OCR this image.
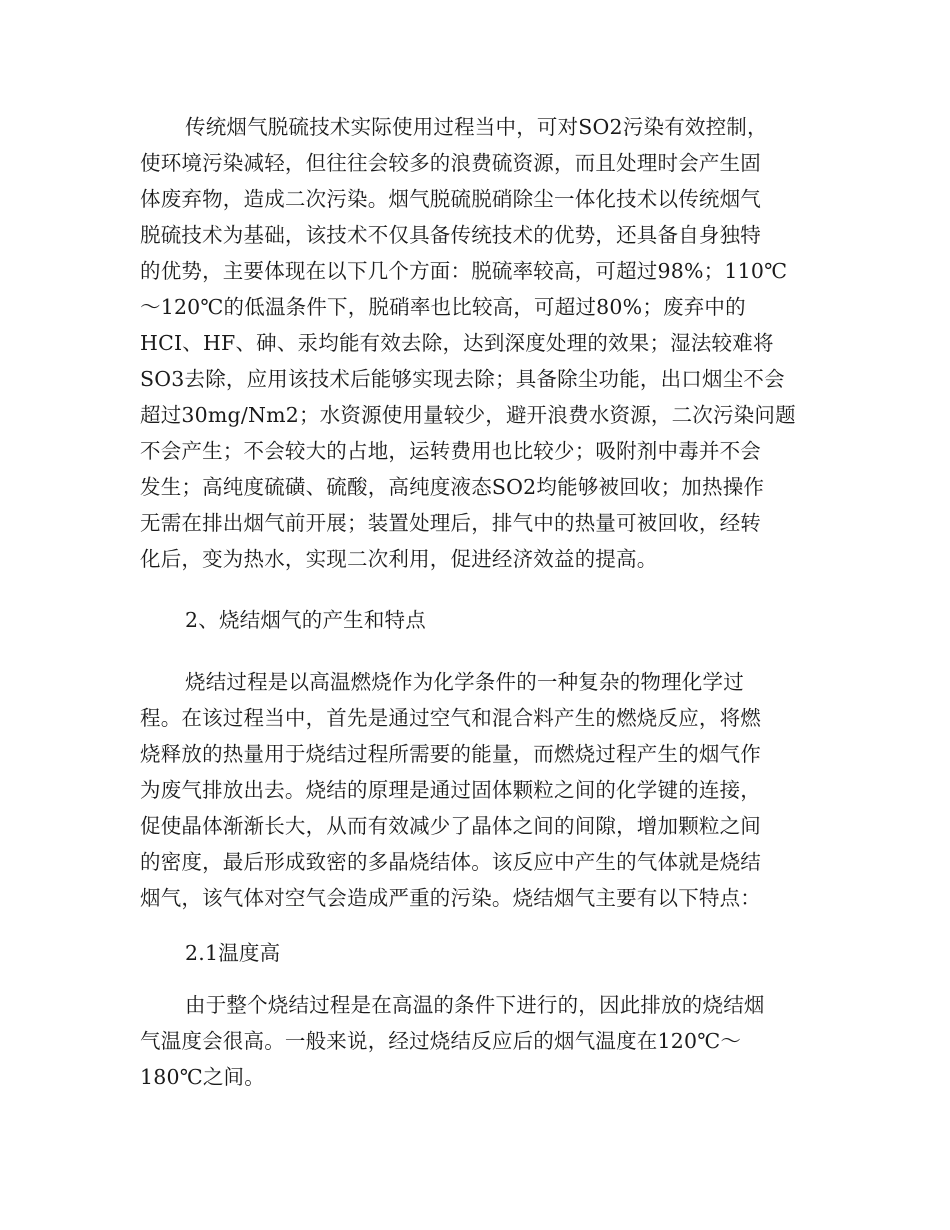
传统烟气脱硫技术实际使用过程当中，可对SO2污染有效控制，

使环境污染减轻，但往往会较多的浪费硫资源，而且处理时会产生固

体废弃物，造成二次污染。烟气脱硫脱硝除尘一体化技术以传统烟气

脱硫技术为基础，该技术不仅具备传统技术的优势，还具备自身独特

的优势，主要体现在以下几个方面：脱硫率较高，可超过98%；110℃

～120℃的低温条件下，脱硝率也比较高，可超过80%；废弃中的

HCI、HF、砷、汞均能有效去除，达到深度处理的效果；湿法较难将

SO3去除，应用该技术后能够实现去除；具备除尘功能，出口烟尘不会

超过30mg/Nm2；水资源使用量较少，避开浪费水资源，二次污染问题

不会产生；不会较大的占地，运转费用也比较少；吸附剂中毒并不会

发生；高纯度硫磺、硫酸，高纯度液态SO2均能够被回收；加热操作

无需在排出烟气前开展；装置处理后，排气中的热量可被回收，经转

化后，变为热水，实现二次利用，促进经济效益的提高。

2、烧结烟气的产生和特点

烧结过程是以高温燃烧作为化学条件的一种复杂的物理化学过

程。在该过程当中，首先是通过空气和混合料产生的燃烧反应，将燃

烧释放的热量用于烧结过程所需要的能量，而燃烧过程产生的烟气作

为废气排放出去。烧结的原理是通过固体颗粒之间的化学键的连接，

促使晶体渐渐长大，从而有效减少了晶体之间的间隙，增加颗粒之间

的密度，最后形成致密的多晶烧结体。该反应中产生的气体就是烧结

烟气，该气体对空气会造成严重的污染。烧结烟气主要有以下特点：

2.1温度高

由于整个烧结过程是在高温的条件下进行的，因此排放的烧结烟

气温度会很高。一般来说，经过烧结反应后的烟气温度在120℃～

180℃之间。
